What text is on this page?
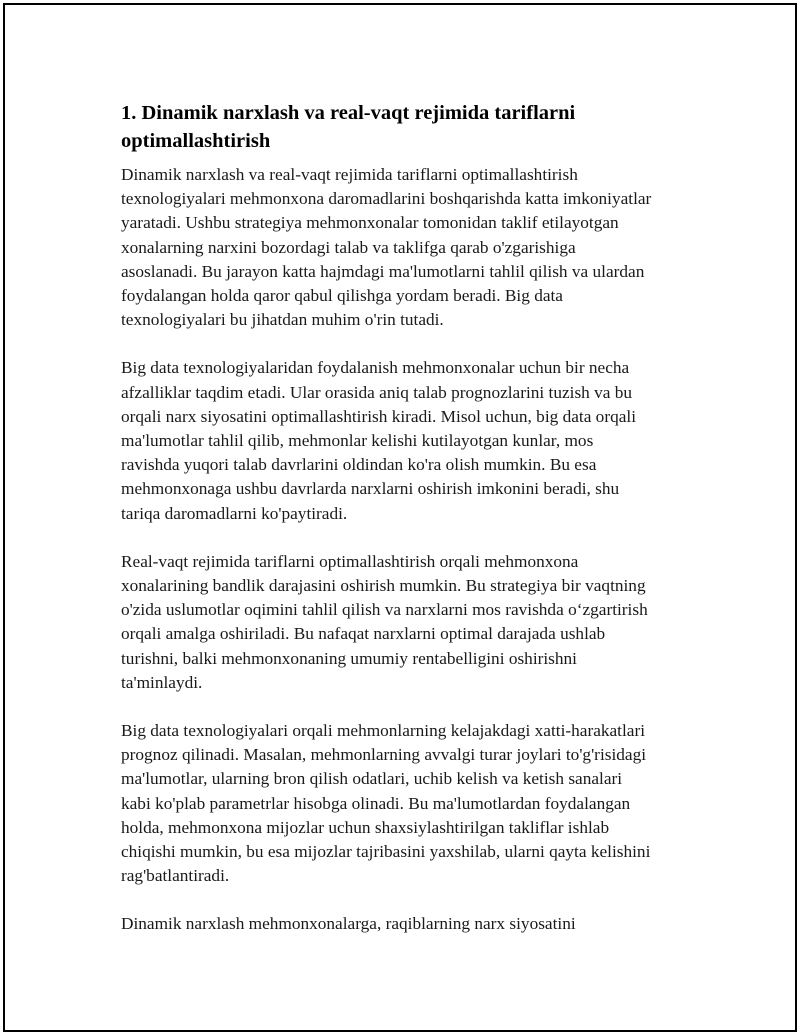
1. Dinamik narxlash va real-vaqt rejimida tariflarni
optimallashtirish

Dinamik narxlash va real-vaqt rejimida tariflarni optimallashtirish
texnologiyalari mehmonxona daromadlarini boshqarishda katta imkoniyatlar
yaratadi. Ushbu strategiya mehmonxonalar tomonidan taklif etilayotgan
xonalarning narxini bozordagi talab va taklifga qarab o'zgarishiga
asoslanadi. Bu jarayon katta hajmdagi ma'lumotlarni tahlil qilish va ulardan
foydalangan holda qaror qabul qilishga yordam beradi. Big data
texnologiyalari bu jihatdan muhim o'rin tutadi.

Big data texnologiyalaridan foydalanish mehmonxonalar uchun bir necha
afzalliklar taqdim etadi. Ular orasida aniq talab prognozlarini tuzish va bu
orqali narx siyosatini optimallashtirish kiradi. Misol uchun, big data orqali
ma'lumotlar tahlil qilib, mehmonlar kelishi kutilayotgan kunlar, mos
ravishda yuqori talab davrlarini oldindan ko'ra olish mumkin. Bu esa
mehmonxonaga ushbu davrlarda narxlarni oshirish imkonini beradi, shu
tariqa daromadlarni ko'paytiradi.

Real-vaqt rejimida tariflarni optimallashtirish orqali mehmonxona
xonalarining bandlik darajasini oshirish mumkin. Bu strategiya bir vaqtning
o'zida uslumotlar oqimini tahlil qilish va narxlarni mos ravishda o‘zgartirish
orqali amalga oshiriladi. Bu nafaqat narxlarni optimal darajada ushlab
turishni, balki mehmonxonaning umumiy rentabelligini oshirishni
ta'minlaydi.

Big data texnologiyalari orqali mehmonlarning kelajakdagi xatti-harakatlari
prognoz qilinadi. Masalan, mehmonlarning avvalgi turar joylari to'g'risidagi
ma'lumotlar, ularning bron qilish odatlari, uchib kelish va ketish sanalari
kabi ko'plab parametrlar hisobga olinadi. Bu ma'lumotlardan foydalangan
holda, mehmonxona mijozlar uchun shaxsiylashtirilgan takliflar ishlab
chiqishi mumkin, bu esa mijozlar tajribasini yaxshilab, ularni qayta kelishini
rag'batlantiradi.

Dinamik narxlash mehmonxonalarga, raqiblarning narx siyosatini
